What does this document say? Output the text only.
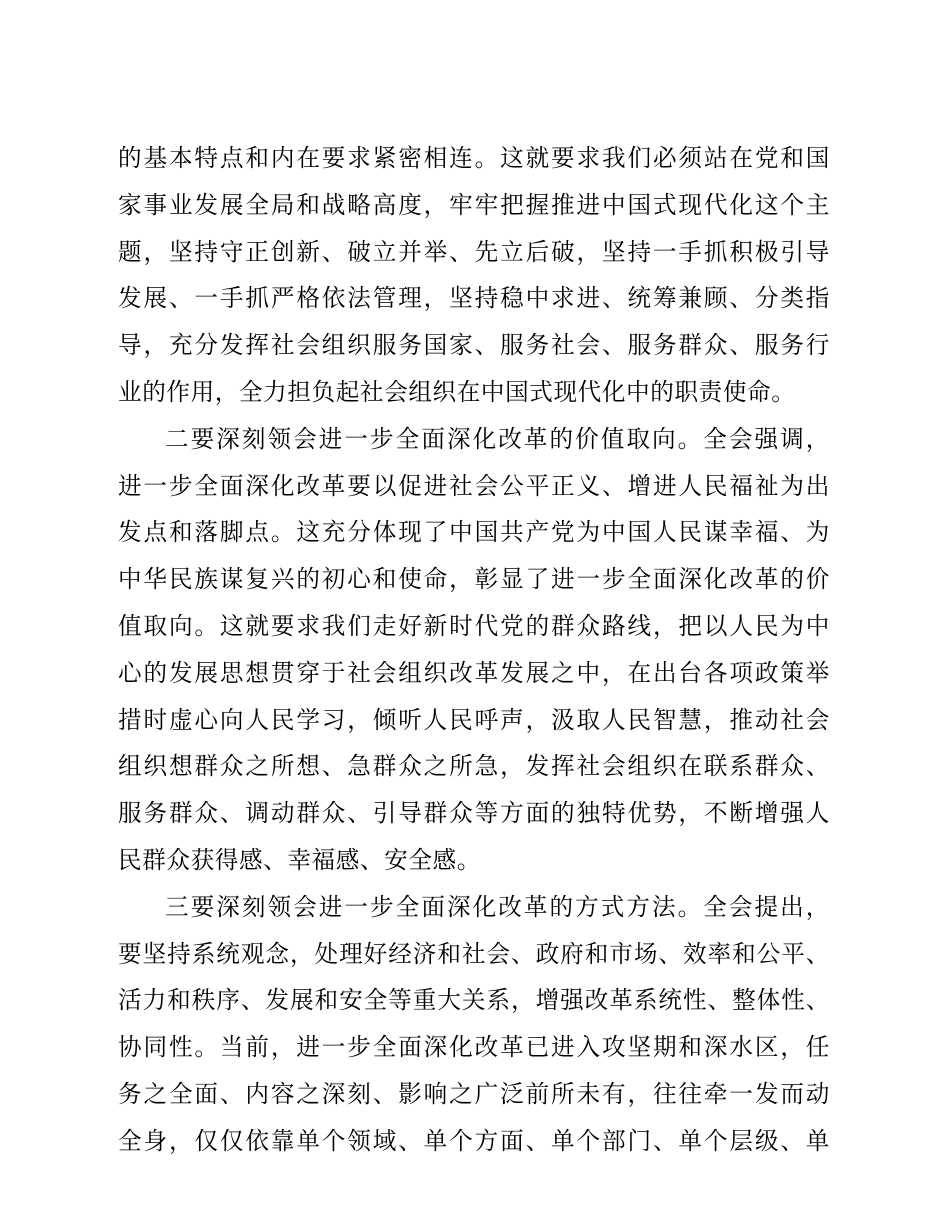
的基本特点和内在要求紧密相连。这就要求我们必须站在党和国
家事业发展全局和战略高度，牢牢把握推进中国式现代化这个主
题，坚持守正创新、破立并举、先立后破，坚持一手抓积极引导
发展、一手抓严格依法管理，坚持稳中求进、统筹兼顾、分类指
导，充分发挥社会组织服务国家、服务社会、服务群众、服务行
业的作用，全力担负起社会组织在中国式现代化中的职责使命。
二要深刻领会进一步全面深化改革的价值取向。全会强调，
进一步全面深化改革要以促进社会公平正义、增进人民福祉为出
发点和落脚点。这充分体现了中国共产党为中国人民谋幸福、为
中华民族谋复兴的初心和使命，彰显了进一步全面深化改革的价
值取向。这就要求我们走好新时代党的群众路线，把以人民为中
心的发展思想贯穿于社会组织改革发展之中，在出台各项政策举
措时虚心向人民学习，倾听人民呼声，汲取人民智慧，推动社会
组织想群众之所想、急群众之所急，发挥社会组织在联系群众、
服务群众、调动群众、引导群众等方面的独特优势，不断增强人
民群众获得感、幸福感、安全感。
三要深刻领会进一步全面深化改革的方式方法。全会提出，
要坚持系统观念，处理好经济和社会、政府和市场、效率和公平、
活力和秩序、发展和安全等重大关系，增强改革系统性、整体性、
协同性。当前，进一步全面深化改革已进入攻坚期和深水区，任
务之全面、内容之深刻、影响之广泛前所未有，往往牵一发而动
全身，仅仅依靠单个领域、单个方面、单个部门、单个层级、单
